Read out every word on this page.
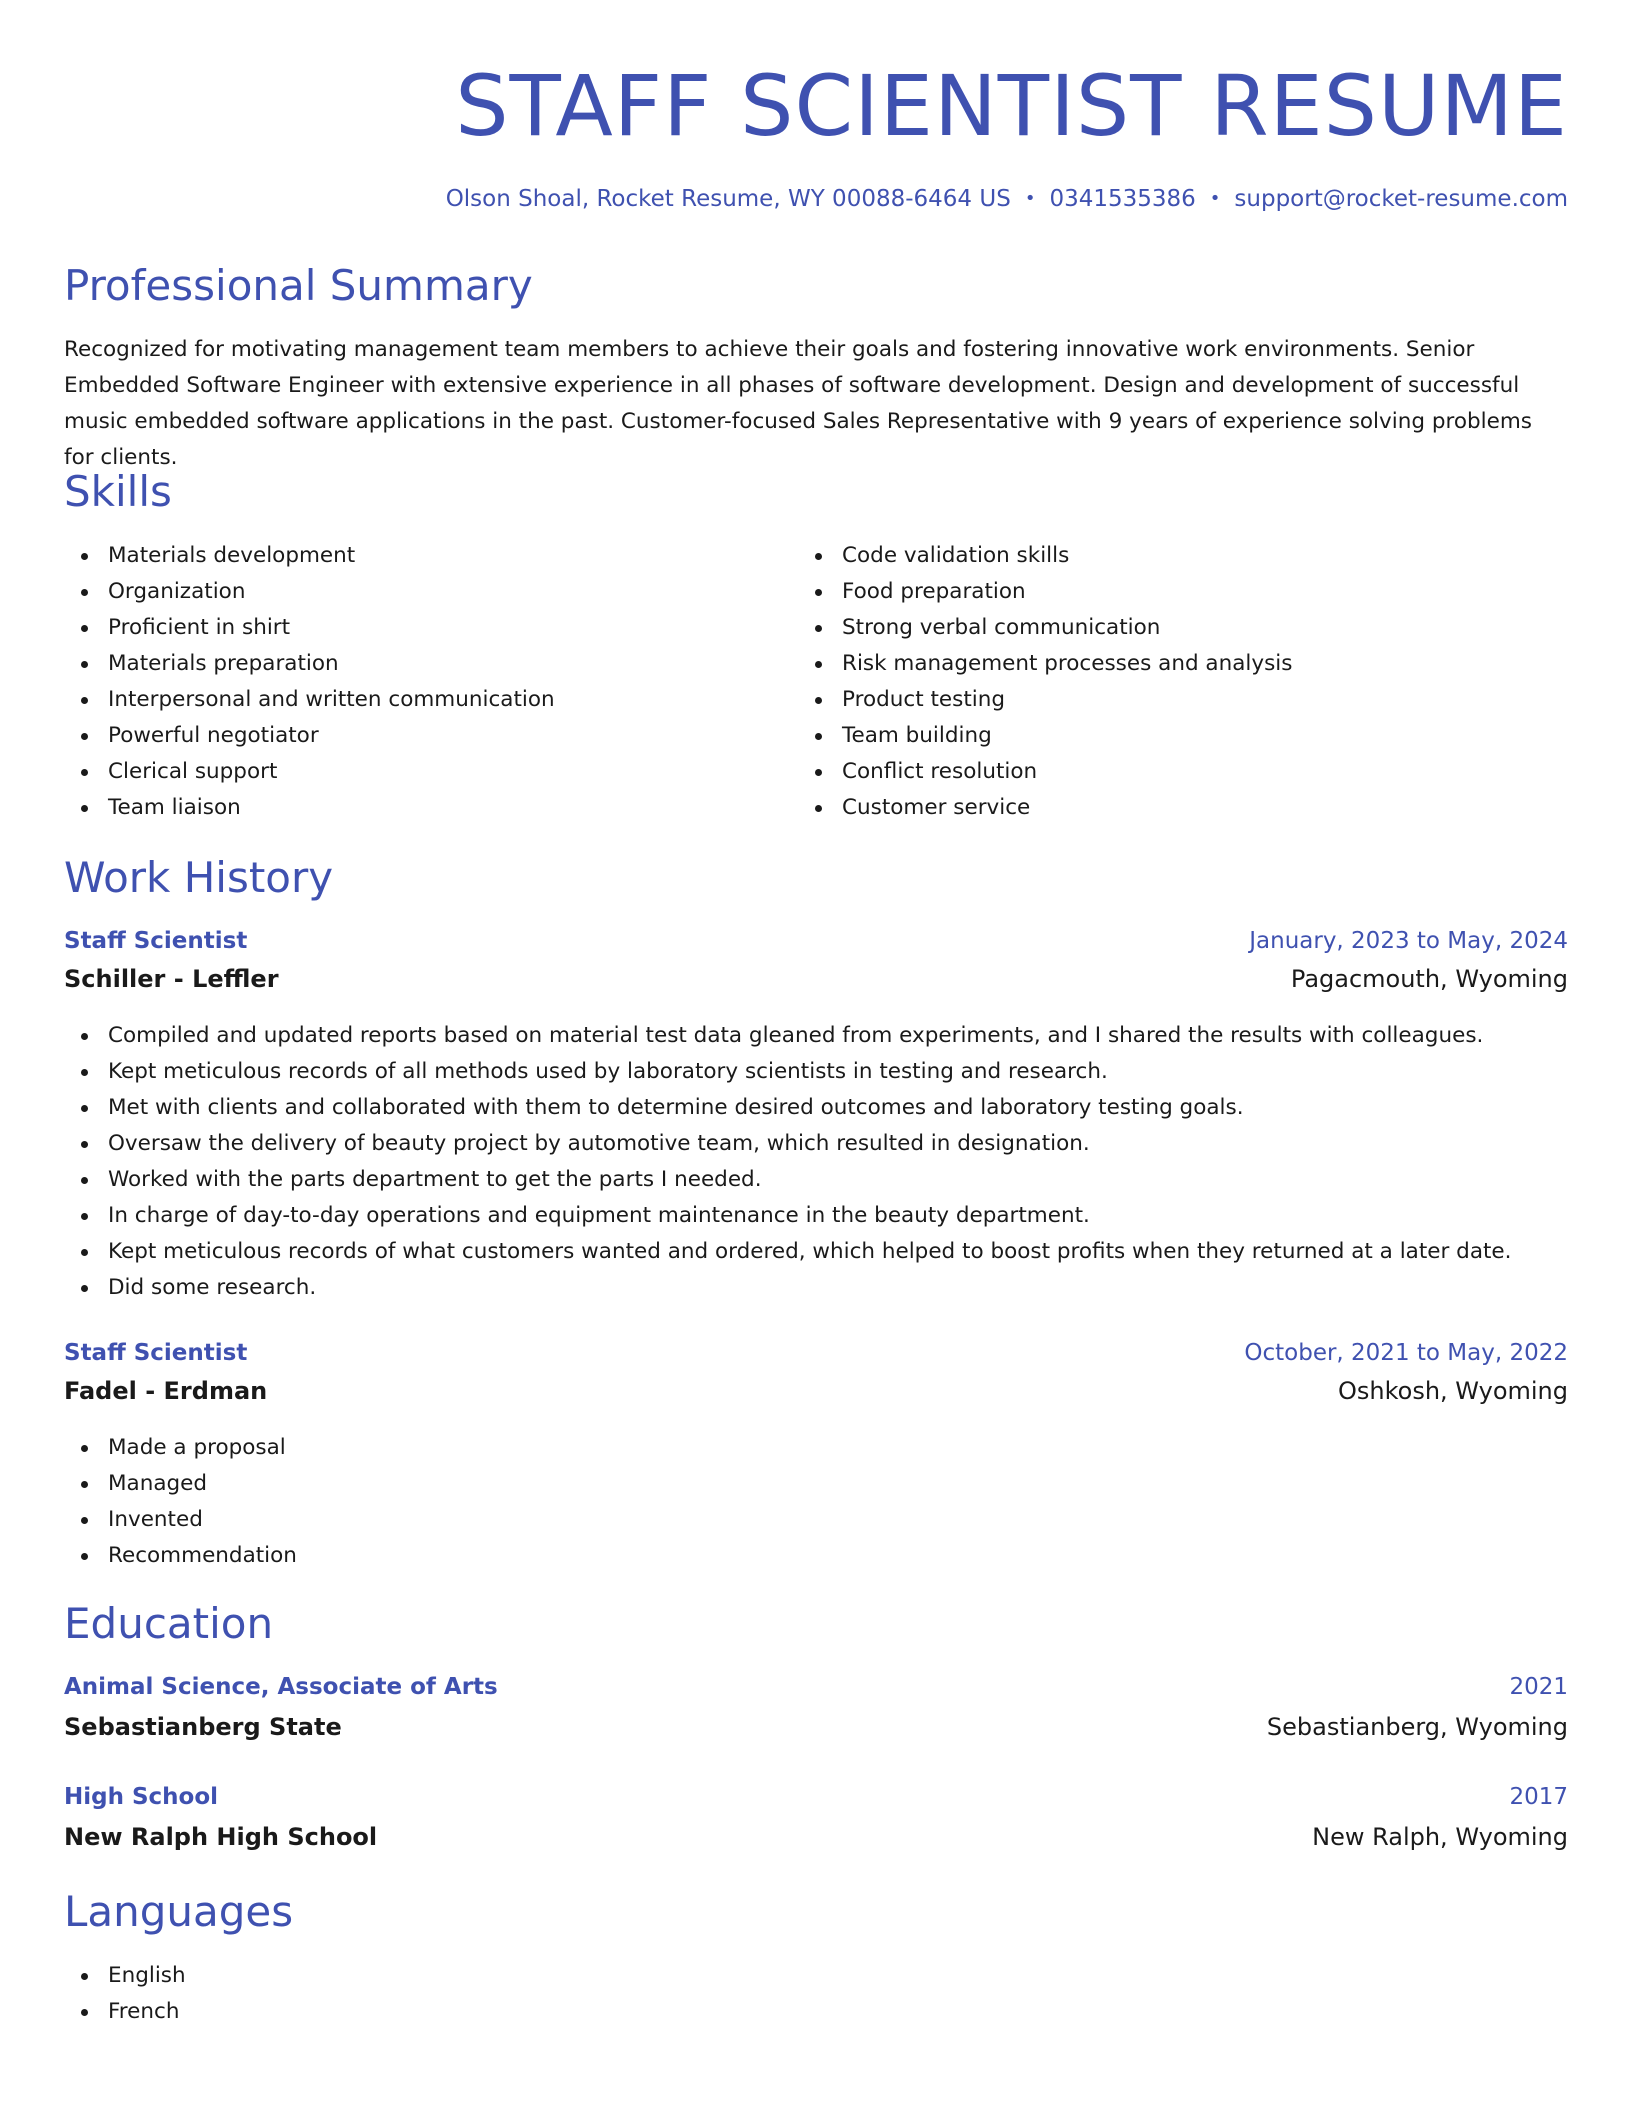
STAFF SCIENTIST RESUME
Olson Shoal, Rocket Resume, WY 00088-6464 US • 0341535386 • support@rocket-resume.com
Professional Summary

Recognized for motivating management team members to achieve their goals and fostering innovative work environments. Senior Embedded Software Engineer with extensive experience in all phases of software development. Design and development of successful music embedded software applications in the past. Customer-focused Sales Representative with 9 years of experience solving problems for clients.

Skills
Materials development
Organization
Proficient in shirt
Materials preparation
Interpersonal and written communication
Powerful negotiator
Clerical support
Team liaison
Code validation skills
Food preparation
Strong verbal communication
Risk management processes and analysis
Product testing
Team building
Conflict resolution
Customer service
Work History
Staff Scientist	January, 2023 to May, 2024
Schiller - Leffler	Pagacmouth, Wyoming
Compiled and updated reports based on material test data gleaned from experiments, and I shared the results with colleagues.
Kept meticulous records of all methods used by laboratory scientists in testing and research.
Met with clients and collaborated with them to determine desired outcomes and laboratory testing goals.
Oversaw the delivery of beauty project by automotive team, which resulted in designation.
Worked with the parts department to get the parts I needed.
In charge of day-to-day operations and equipment maintenance in the beauty department.
Kept meticulous records of what customers wanted and ordered, which helped to boost profits when they returned at a later date.
Did some research.
Staff Scientist	October, 2021 to May, 2022
Fadel - Erdman	Oshkosh, Wyoming
Made a proposal
Managed
Invented
Recommendation
Education
Animal Science, Associate of Arts	2021
Sebastianberg State	Sebastianberg, Wyoming
High School	2017
New Ralph High School	New Ralph, Wyoming
Languages
English
French
